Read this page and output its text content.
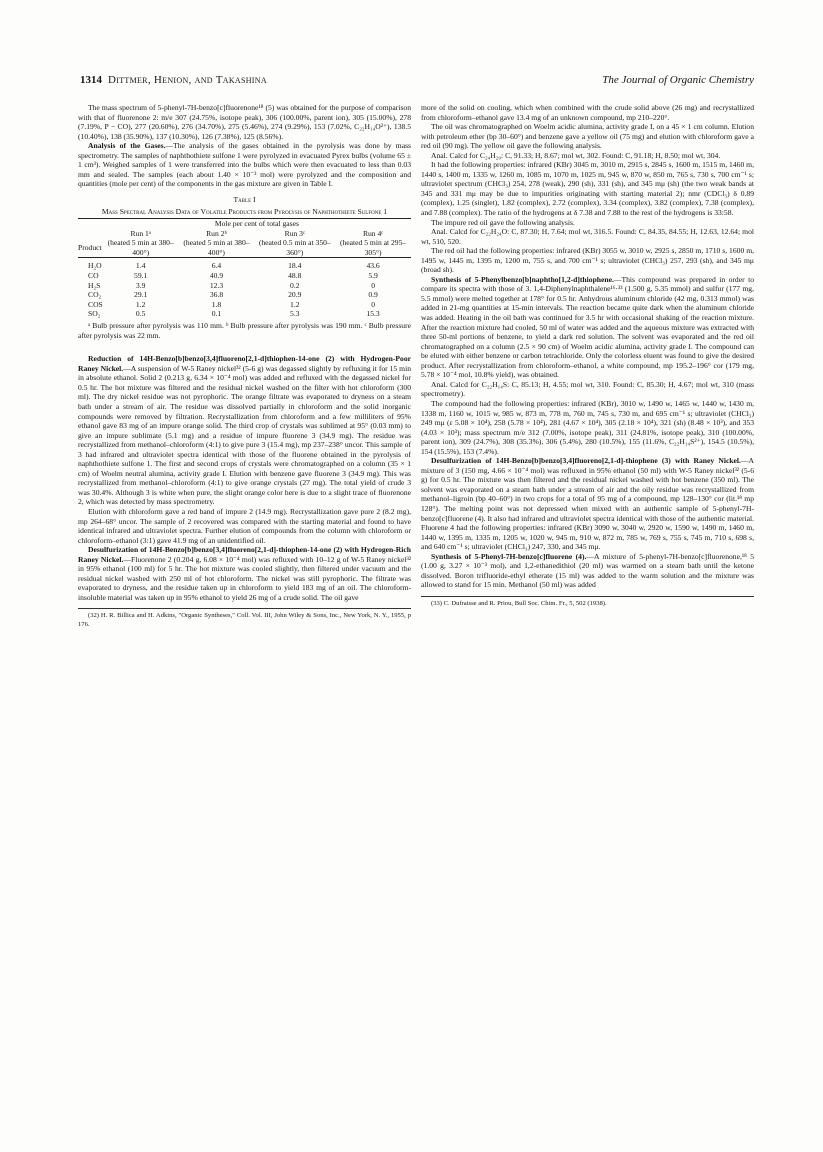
1314 Dittmer, Henion, and Takashina	The Journal of Organic Chemistry

The mass spectrum of 5-phenyl-7H-benzo[c]fluorenone¹⁸ (5) was obtained for the purpose of comparison with that of fluorenone 2: m/e 307 (24.75%, isotope peak), 306 (100.00%, parent ion), 305 (15.00%), 278 (7.19%, P − CO), 277 (20.60%), 276 (34.70%), 275 (5.46%), 274 (9.29%), 153 (7.02%, C₂₂H₁₄O²⁺), 138.5 (10.40%), 138 (35.90%), 137 (10.30%), 126 (7.38%), 125 (8.56%).

Analysis of the Gases.—The analysis of the gases obtained in the pyrolysis was done by mass spectrometry. The samples of naphthothiete sulfone 1 were pyrolyzed in evacuated Pyrex bulbs (volume 65 ± 1 cm³). Weighed samples of 1 were transferred into the bulbs which were then evacuated to less than 0.03 mm and sealed. The samples (each about 1.40 × 10⁻³ mol) were pyrolyzed and the composition and quantities (mole per cent) of the components in the gas mixture are given in Table I.

Table I
Mass Spectral Analysis Data of Volatile Products from Pyrolysis of Naphthothiete Sulfone 1
	Mole per cent of total gases			
	Run 1ᵃ	Run 2ᵇ	Run 3ᶜ	Run 4ᶜ
Product	(heated 5 min at 380–400°)	(heated 5 min at 380–400°)	(heated 0.5 min at 350–360°)	(heated 5 min at 295–305°)
H₂O	1.4	6.4	18.4	43.6
CO	59.1	40.9	48.8	5.9
H₂S	3.9	12.3	0.2	0
CO₂	29.1	36.8	20.9	0.9
COS	1.2	1.8	1.2	0
SO₂	0.5	0.1	5.3	15.3

ᵃ Bulb pressure after pyrolysis was 110 mm. ᵇ Bulb pressure after pyrolysis was 190 mm. ᶜ Bulb pressure after pyrolysis was 22 mm.

Reduction of 14H-Benzo[b]benzo[3,4]fluoreno[2,1-d]thiophen-14-one (2) with Hydrogen-Poor Raney Nickel.—A suspension of W-5 Raney nickel³² (5-6 g) was degassed slightly by refluxing it for 15 min in absolute ethanol. Solid 2 (0.213 g, 6.34 × 10⁻⁴ mol) was added and refluxed with the degassed nickel for 0.5 hr. The hot mixture was filtered and the residual nickel washed on the filter with hot chloroform (300 ml). The dry nickel residue was not pyrophoric. The orange filtrate was evaporated to dryness on a steam bath under a stream of air. The residue was dissolved partially in chloroform and the solid inorganic compounds were removed by filtration. Recrystallization from chloroform and a few milliliters of 95% ethanol gave 83 mg of an impure orange solid. The third crop of crystals was sublimed at 95° (0.03 mm) to give an impure sublimate (5.1 mg) and a residue of impure fluorene 3 (34.9 mg). The residue was recrystallized from methanol–chloroform (4:1) to give pure 3 (15.4 mg), mp 237–238° uncor. This sample of 3 had infrared and ultraviolet spectra identical with those of the fluorene obtained in the pyrolysis of naphthothiete sulfone 1. The first and second crops of crystals were chromatographed on a column (35 × 1 cm) of Woelm neutral alumina, activity grade I. Elution with benzene gave fluorene 3 (34.9 mg). This was recrystallized from methanol–chloroform (4:1) to give orange crystals (27 mg). The total yield of crude 3 was 30.4%. Although 3 is white when pure, the slight orange color here is due to a slight trace of fluorenone 2, which was detected by mass spectrometry.

Elution with chloroform gave a red band of impure 2 (14.9 mg). Recrystallization gave pure 2 (8.2 mg), mp 264–68° uncor. The sample of 2 recovered was compared with the starting material and found to have identical infrared and ultraviolet spectra. Further elution of compounds from the column with chloroform or chloroform–ethanol (3:1) gave 41.9 mg of an unidentified oil.

Desulfurization of 14H-Benzo[b]benzo[3,4]fluoreno[2,1-d]-thiophen-14-one (2) with Hydrogen-Rich Raney Nickel.—Fluorenone 2 (0.204 g, 6.08 × 10⁻⁴ mol) was refluxed with 10–12 g of W-5 Raney nickel³² in 95% ethanol (100 ml) for 5 hr. The hot mixture was cooled slightly, then filtered under vacuum and the residual nickel washed with 250 ml of hot chloroform. The nickel was still pyrophoric. The filtrate was evaporated to dryness, and the residue taken up in chloroform to yield 183 mg of an oil. The chloroform-insoluble material was taken up in 95% ethanol to yield 26 mg of a crude solid. The oil gave

(32) H. R. Billica and H. Adkins, "Organic Syntheses," Coll. Vol. III, John Wiley & Sons, Inc., New York, N. Y., 1955, p 176.

more of the solid on cooling, which when combined with the crude solid above (26 mg) and recrystallized from chloroform–ethanol gave 13.4 mg of an unknown compound, mp 210–220°.

The oil was chromatographed on Woelm acidic alumina, activity grade I, on a 45 × 1 cm column. Elution with petroleum ether (bp 30–60°) and benzene gave a yellow oil (75 mg) and elution with chloroform gave a red oil (90 mg). The yellow oil gave the following analysis.

Anal. Calcd for C₂₄H₂₀: C, 91.33; H, 8.67; mol wt, 302. Found: C, 91.18; H, 8.50; mol wt, 304.

It had the following properties: infrared (KBr) 3045 m, 3010 m, 2915 s, 2845 s, 1600 m, 1515 m, 1460 m, 1440 s, 1400 m, 1335 w, 1260 m, 1085 m, 1070 m, 1025 m, 945 w, 870 w, 850 m, 765 s, 730 s, 700 cm⁻¹ s; ultraviolet spectrum (CHCl₃) 254, 278 (weak), 290 (sh), 331 (sh), and 345 mμ (sh) (the two weak bands at 345 and 331 mμ may be due to impurities originating with starting material 2); nmr (CDCl₃) δ 0.89 (complex), 1.25 (singlet), 1.82 (complex), 2.72 (complex), 3.34 (complex), 3.82 (complex), 7.38 (complex), and 7.88 (complex). The ratio of the hydrogens at δ 7.38 and 7.88 to the rest of the hydrogens is 33:58.

The impure red oil gave the following analysis.

Anal. Calcd for C₂₂H₂₄O: C, 87.30; H, 7.64; mol wt, 316.5. Found: C, 84.35, 84.55; H, 12.63, 12.64; mol wt, 510, 520.

The red oil had the following properties: infrared (KBr) 3055 w, 3010 w, 2925 s, 2850 m, 1710 s, 1600 m, 1495 w, 1445 m, 1395 m, 1200 m, 755 s, and 700 cm⁻¹ s; ultraviolet (CHCl₃) 257, 293 (sh), and 345 mμ (broad sh).

Synthesis of 5-Phenylbenzo[b]naphtho[1,2-d]thiophene.—This compound was prepared in order to compare its spectra with those of 3. 1,4-Diphenylnaphthalene¹⁶·³³ (1.500 g, 5.35 mmol) and sulfur (177 mg, 5.5 mmol) were melted together at 178° for 0.5 hr. Anhydrous aluminum chloride (42 mg, 0.313 mmol) was added in 21-mg quantities at 15-min intervals. The reaction became quite dark when the aluminum chloride was added. Heating in the oil bath was continued for 3.5 hr with occasional shaking of the reaction mixture. After the reaction mixture had cooled, 50 ml of water was added and the aqueous mixture was extracted with three 50-ml portions of benzene, to yield a dark red solution. The solvent was evaporated and the red oil chromatographed on a column (2.5 × 90 cm) of Woelm acidic alumina, activity grade I. The compound can be eluted with either benzene or carbon tetrachloride. Only the colorless eluent was found to give the desired product. After recrystallization from chloroform–ethanol, a white compound, mp 195.2–196° cor (179 mg, 5.78 × 10⁻⁴ mol, 10.8% yield), was obtained.

Anal. Calcd for C₂₂H₁₄S: C, 85.13; H, 4.55; mol wt, 310. Found: C, 85.30; H, 4.67; mol wt, 310 (mass spectrometry).

The compound had the following properties: infrared (KBr), 3010 w, 1490 w, 1465 w, 1440 w, 1430 m, 1338 m, 1160 w, 1015 w, 985 w, 873 m, 778 m, 760 m, 745 s, 730 m, and 695 cm⁻¹ s; ultraviolet (CHCl₃) 249 mμ (ε 5.08 × 10⁴), 258 (5.78 × 10⁴), 281 (4.67 × 10⁴), 305 (2.18 × 10⁴), 321 (sh) (8.48 × 10³), and 353 (4.03 × 10³); mass spectrum m/e 312 (7.00%, isotope peak), 311 (24.81%, isotope peak), 310 (100.00%, parent ion), 309 (24.7%), 308 (35.3%), 306 (5.4%), 280 (10.5%), 155 (11.6%, C₂₂H₁₄S²⁺), 154.5 (10.5%), 154 (15.5%), 153 (7.4%).

Desulfurization of 14H-Benzo[b]benzo[3,4]fluoreno[2,1-d]-thiophene (3) with Raney Nickel.—A mixture of 3 (150 mg, 4.66 × 10⁻⁴ mol) was refluxed in 95% ethanol (50 ml) with W-5 Raney nickel³² (5-6 g) for 0.5 hr. The mixture was then filtered and the residual nickel washed with hot benzene (350 ml). The solvent was evaporated on a steam bath under a stream of air and the oily residue was recrystallized from methanol–ligroin (bp 40–60°) in two crops for a total of 95 mg of a compound, mp 128–130° cor (lit.¹⁸ mp 128°). The melting point was not depressed when mixed with an authentic sample of 5-phenyl-7H-benzo[c]fluorene (4). It also had infrared and ultraviolet spectra identical with those of the authentic material. Fluorene 4 had the following properties: infrared (KBr) 3090 w, 3040 w, 2920 w, 1590 w, 1490 m, 1460 m, 1440 w, 1395 m, 1335 m, 1205 w, 1020 w, 945 m, 910 w, 872 m, 785 w, 769 s, 755 s, 745 m, 710 s, 698 s, and 640 cm⁻¹ s; ultraviolet (CHCl₃) 247, 330, and 345 mμ.

Synthesis of 5-Phenyl-7H-benzo[c]fluorene (4).—A mixture of 5-phenyl-7H-benzo[c]fluorenone,¹⁸ 5 (1.00 g, 3.27 × 10⁻³ mol), and 1,2-ethanedithiol (20 ml) was warmed on a steam bath until the ketone dissolved. Boron trifluoride-ethyl etherate (15 ml) was added to the warm solution and the mixture was allowed to stand for 15 min. Methanol (50 ml) was added

(33) C. Dufraisse and R. Priou, Bull Soc. Chim. Fr., 5, 502 (1938).
